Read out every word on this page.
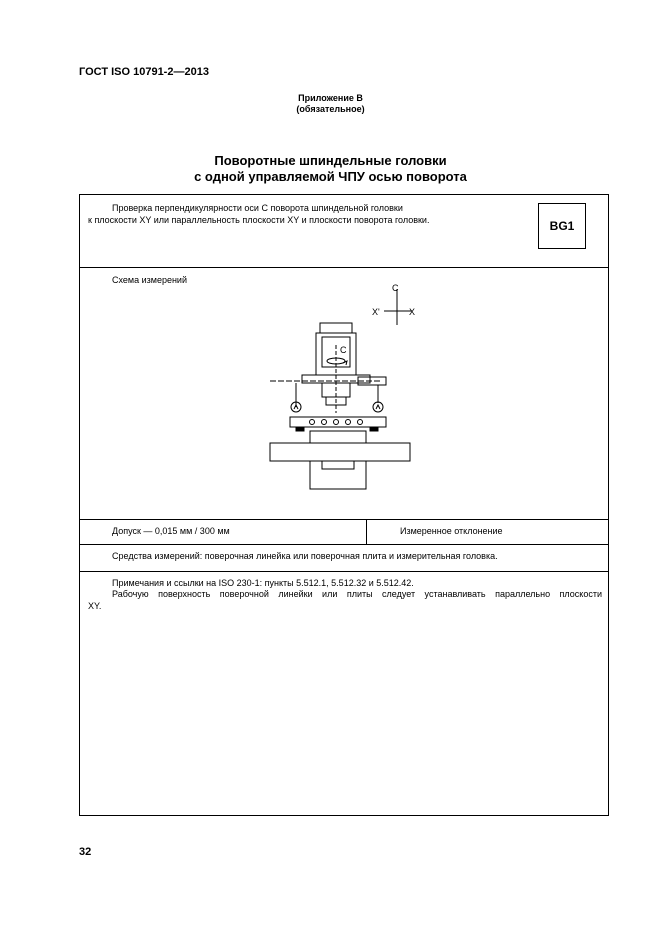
ГОСТ ISO 10791-2—2013
Приложение В
(обязательное)
Поворотные шпиндельные головки
с одной управляемой ЧПУ осью поворота
Проверка перпендикулярности оси С поворота шпиндельной головки
к плоскости XY или параллельность плоскости XY и плоскости поворота головки.	BG1
Схема измерений
C
X'	X
C
Допуск — 0,015 мм / 300 мм	Измеренное отклонение
Средства измерений: поверочная линейка или поверочная плита и измерительная головка.
Примечания и ссылки на ISO 230-1: пункты 5.512.1, 5.512.32 и 5.512.42.
Рабочую поверхность поверочной линейки или плиты следует устанавливать параллельно плоскости
XY.
32
